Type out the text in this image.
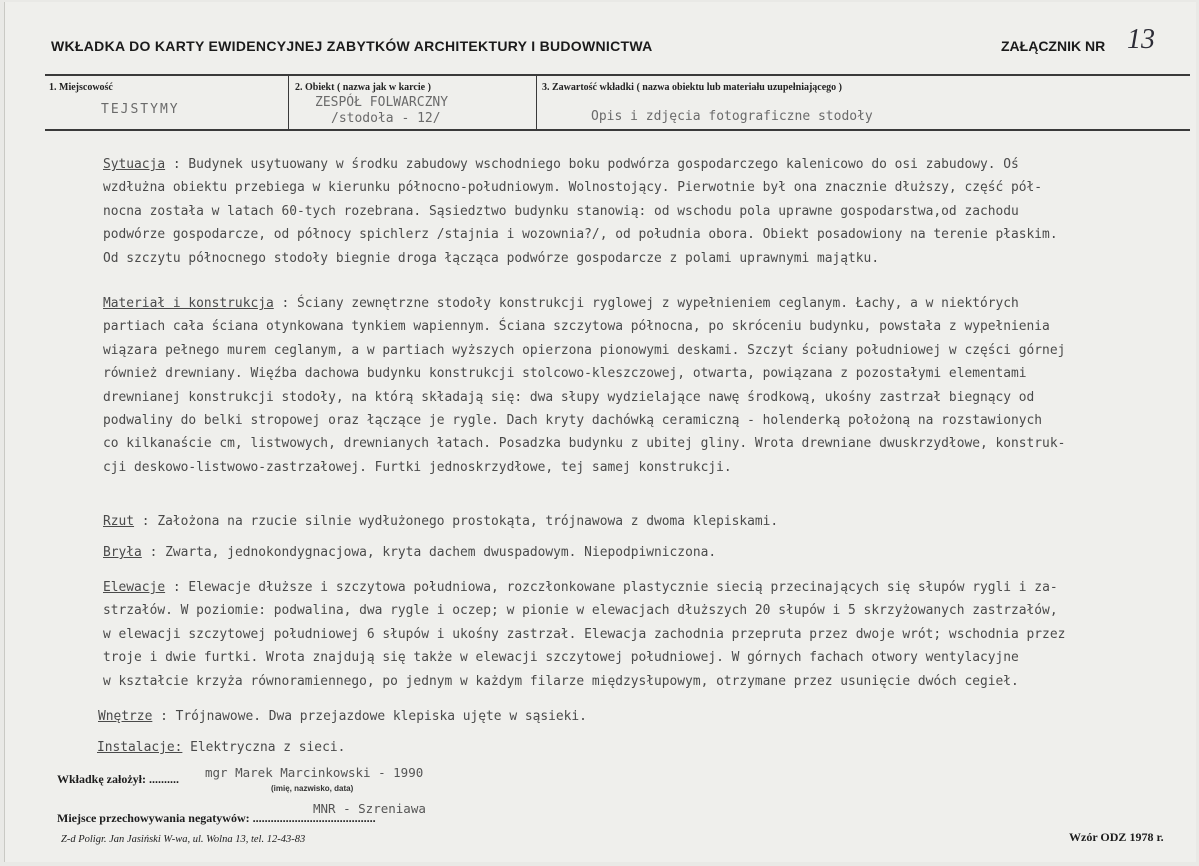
WKŁADKA DO KARTY EWIDENCYJNEJ ZABYTKÓW ARCHITEKTURY I BUDOWNICTWA	ZAŁĄCZNIK NR 13
1. Miejscowość
TEJSTYMY
2. Obiekt ( nazwa jak w karcie )
ZESPÓŁ FOLWARCZNY
/stodoła - 12/
3. Zawartość wkładki ( nazwa obiektu lub materiału uzupełniającego )
Opis i zdjęcia fotograficzne stodoły
Sytuacja : Budynek usytuowany w środku zabudowy wschodniego boku podwórza gospodarczego kalenicowo do osi zabudowy. Oś
wzdłużna obiektu przebiega w kierunku północno-południowym. Wolnostojący. Pierwotnie był ona znacznie dłuższy, część pół-
nocna została w latach 60-tych rozebrana. Sąsiedztwo budynku stanowią: od wschodu pola uprawne gospodarstwa,od zachodu
podwórze gospodarcze, od północy spichlerz /stajnia i wozownia?/, od południa obora. Obiekt posadowiony na terenie płaskim.
Od szczytu północnego stodoły biegnie droga łącząca podwórze gospodarcze z polami uprawnymi majątku.
Materiał i konstrukcja : Ściany zewnętrzne stodoły konstrukcji ryglowej z wypełnieniem ceglanym. Łachy, a w niektórych
partiach cała ściana otynkowana tynkiem wapiennym. Ściana szczytowa północna, po skróceniu budynku, powstała z wypełnienia
wiązara pełnego murem ceglanym, a w partiach wyższych opierzona pionowymi deskami. Szczyt ściany południowej w części górnej
również drewniany. Więźba dachowa budynku konstrukcji stolcowo-kleszczowej, otwarta, powiązana z pozostałymi elementami
drewnianej konstrukcji stodoły, na którą składają się: dwa słupy wydzielające nawę środkową, ukośny zastrzał biegnący od
podwaliny do belki stropowej oraz łączące je rygle. Dach kryty dachówką ceramiczną - holenderką położoną na rozstawionych
co kilkanaście cm, listwowych, drewnianych łatach. Posadzka budynku z ubitej gliny. Wrota drewniane dwuskrzydłowe, konstruk-
cji deskowo-listwowo-zastrzałowej. Furtki jednoskrzydłowe, tej samej konstrukcji.
Rzut : Założona na rzucie silnie wydłużonego prostokąta, trójnawowa z dwoma klepiskami.
Bryła : Zwarta, jednokondygnacjowa, kryta dachem dwuspadowym. Niepodpiwniczona.
Elewacje : Elewacje dłuższe i szczytowa południowa, rozczłonkowane plastycznie siecią przecinających się słupów rygli i za-
strzałów. W poziomie: podwalina, dwa rygle i oczep; w pionie w elewacjach dłuższych 20 słupów i 5 skrzyżowanych zastrzałów,
w elewacji szczytowej południowej 6 słupów i ukośny zastrzał. Elewacja zachodnia przepruta przez dwoje wrót; wschodnia przez
troje i dwie furtki. Wrota znajdują się także w elewacji szczytowej południowej. W górnych fachach otwory wentylacyjne
w kształcie krzyża równoramiennego, po jednym w każdym filarze międzysłupowym, otrzymane przez usunięcie dwóch cegieł.
Wnętrze : Trójnawowe. Dwa przejazdowe klepiska ujęte w sąsieki.
Instalacje: Elektryczna z sieci.
Wkładkę założył: .......... mgr Marek Marcinkowski - 1990
(imię, nazwisko, data)
MNR - Szreniawa
Miejsce przechowywania negatywów: .........................................
Z-d Poligr. Jan Jasiński W-wa, ul. Wolna 13, tel. 12-43-83	Wzór ODZ 1978 r.
